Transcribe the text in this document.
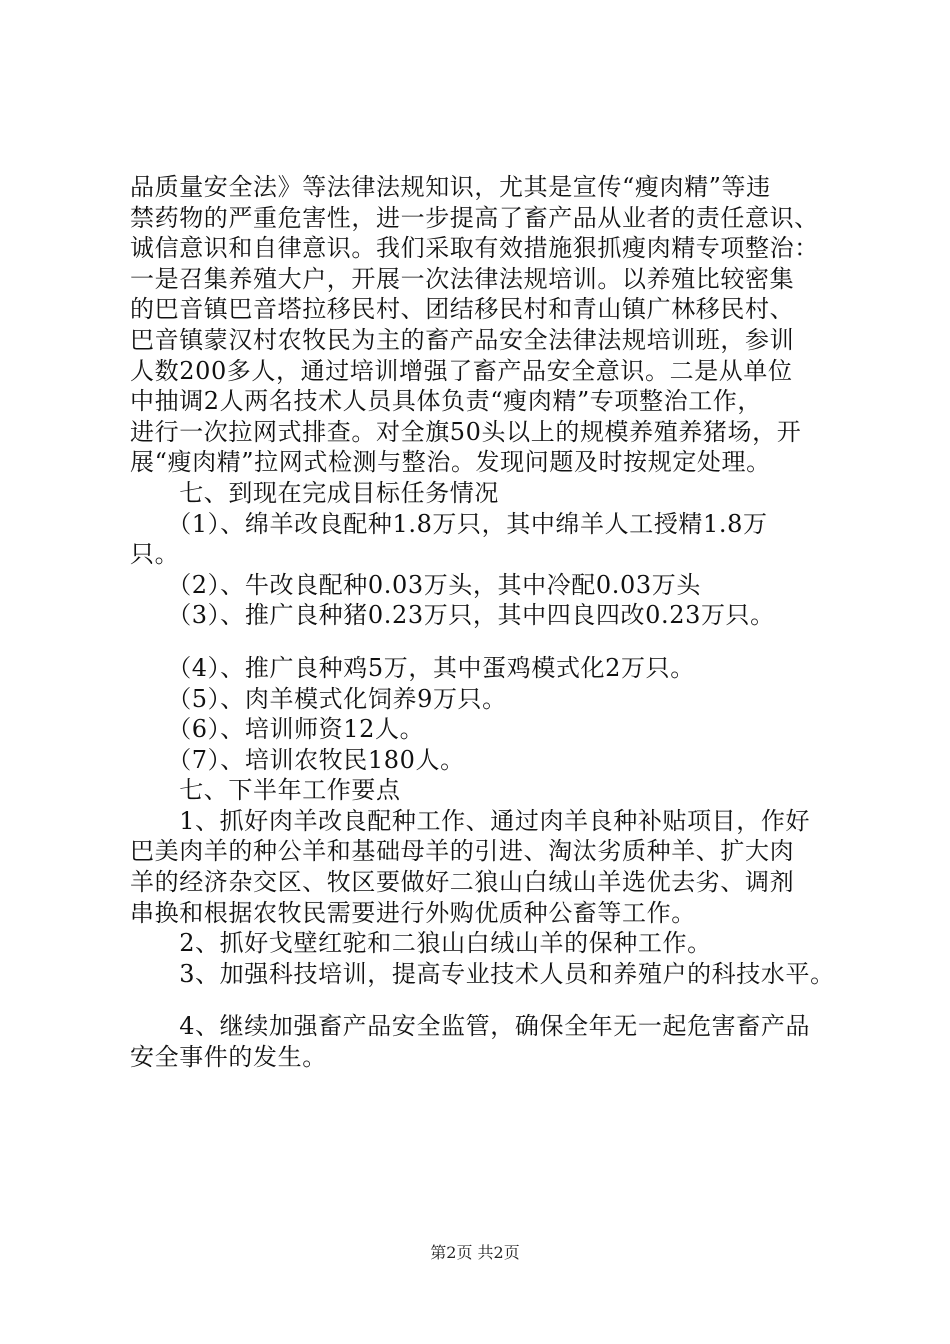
品质量安全法》等法律法规知识，尤其是宣传“瘦肉精”等违
禁药物的严重危害性，进一步提高了畜产品从业者的责任意识、
诚信意识和自律意识。我们采取有效措施狠抓瘦肉精专项整治：
一是召集养殖大户，开展一次法律法规培训。以养殖比较密集
的巴音镇巴音塔拉移民村、团结移民村和青山镇广林移民村、
巴音镇蒙汉村农牧民为主的畜产品安全法律法规培训班，参训
人数200多人，通过培训增强了畜产品安全意识。二是从单位
中抽调2人两名技术人员具体负责“瘦肉精”专项整治工作，
进行一次拉网式排查。对全旗50头以上的规模养殖养猪场，开
展“瘦肉精”拉网式检测与整治。发现问题及时按规定处理。
　　七、到现在完成目标任务情况
　　（1）、绵羊改良配种1.8万只，其中绵羊人工授精1.8万
只。
　　（2）、牛改良配种0.03万头，其中冷配0.03万头
　　（3）、推广良种猪0.23万只，其中四良四改0.23万只。
　　（4）、推广良种鸡5万，其中蛋鸡模式化2万只。
　　（5）、肉羊模式化饲养9万只。
　　（6）、培训师资12人。
　　（7）、培训农牧民180人。
　　七、下半年工作要点
　　1、抓好肉羊改良配种工作、通过肉羊良种补贴项目，作好
巴美肉羊的种公羊和基础母羊的引进、淘汰劣质种羊、扩大肉
羊的经济杂交区、牧区要做好二狼山白绒山羊选优去劣、调剂
串换和根据农牧民需要进行外购优质种公畜等工作。
　　2、抓好戈壁红驼和二狼山白绒山羊的保种工作。
　　3、加强科技培训，提高专业技术人员和养殖户的科技水平。
　　4、继续加强畜产品安全监管，确保全年无一起危害畜产品
安全事件的发生。
第2页 共2页
